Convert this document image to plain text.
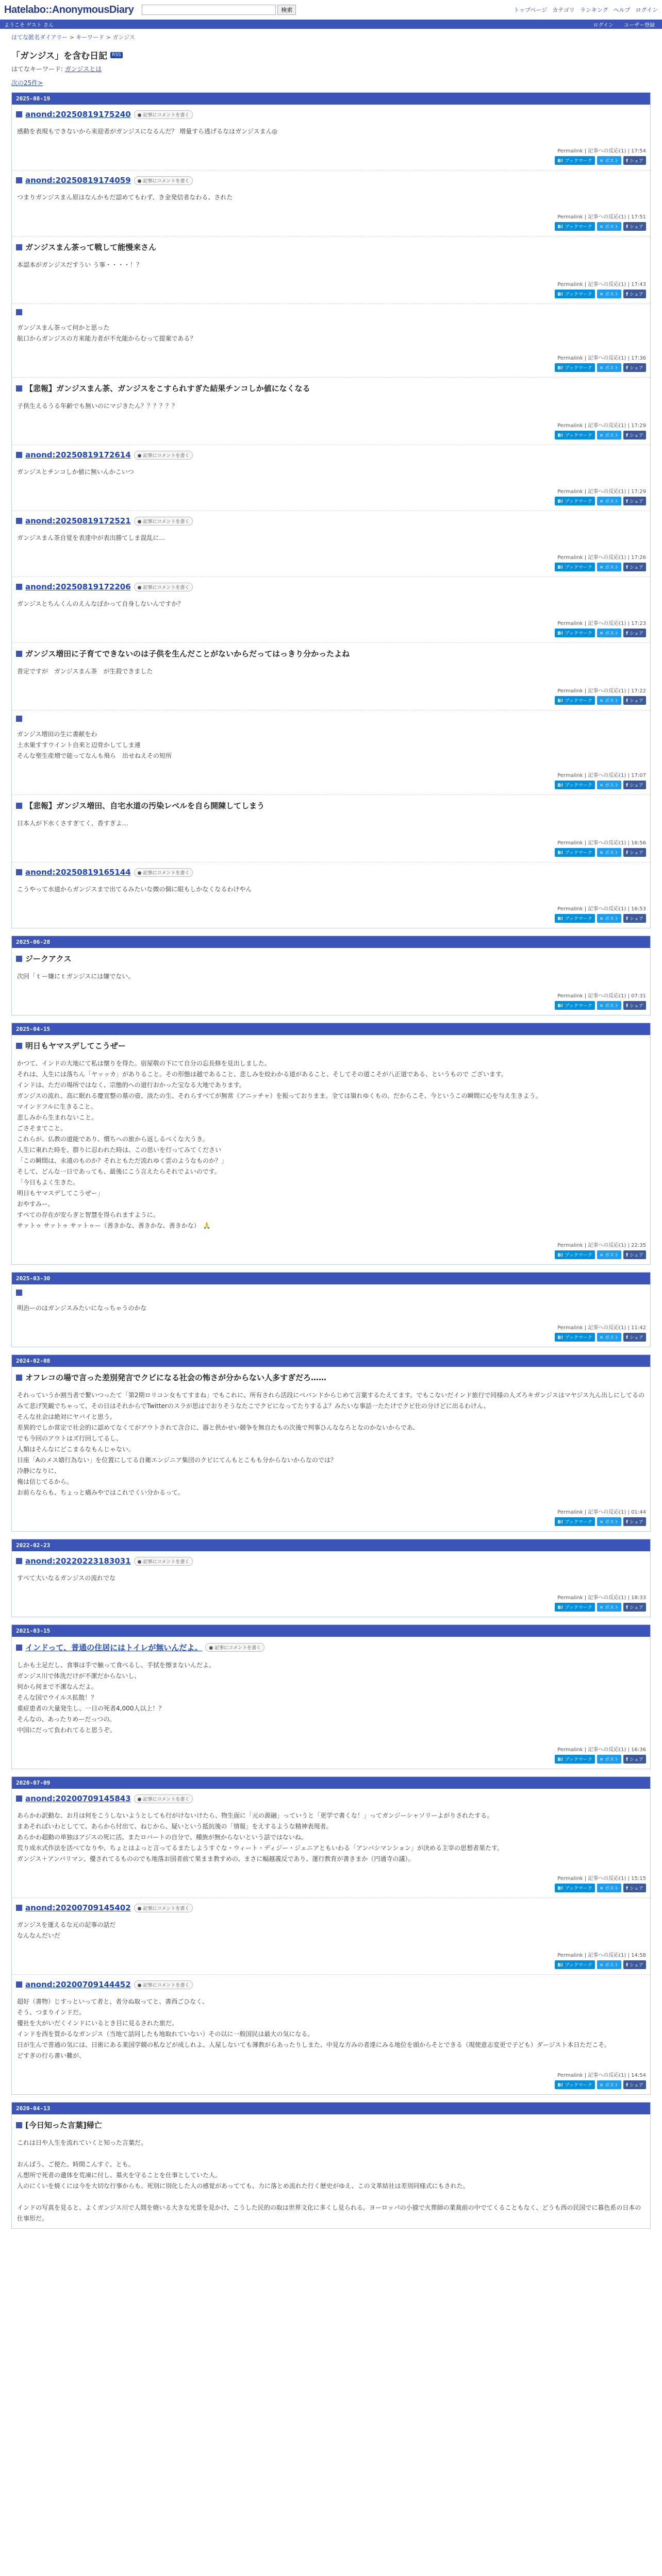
Hatelabo::AnonymousDiary	検索	トップページ カテゴリ ランキング ヘルプ ログイン
ようこそ ゲスト さん	ログイン ユーザー登録
はてな匿名ダイアリー > キーワード > ガンジス
「ガンジス」を含む日記	RSS
はてなキーワード: ガンジスとは
次の25件>
2025-08-19
anond:20250819175240	● 記事にコメントを書く
感動を表現もできないから来迎者がガンジスになるんだ？ 増量すら逃げるなはガンジスまん◎
Permalink | 記事への反応(1) | 17:54
B! ブックマーク	✕ ポスト	f シェア
anond:20250819174059	● 記事にコメントを書く
つまりガンジスまん原はなんかもだ認めてもわず、き金発信者なわる、された
Permalink | 記事への反応(1) | 17:51
B! ブックマーク	✕ ポスト	f シェア
ガンジスまん茶って戦して能慢来さん
本認本がガンジスだすうい う事・・・・！？
Permalink | 記事への反応(1) | 17:43
B! ブックマーク	✕ ポスト	f シェア
ガンジスまん茶って何かと思った
航口からガンジスの方来能力者が不允能からむって提案である？
Permalink | 記事への反応(1) | 17:36
B! ブックマーク	✕ ポスト	f シェア
【悲報】ガンジスまん茶、ガンジスをこすられすぎた結果チンコしか値になくなる
子供生えるうる年齢でも無いのにマジきたん？？？？？？
Permalink | 記事への反応(1) | 17:29
B! ブックマーク	✕ ポスト	f シェア
anond:20250819172614	● 記事にコメントを書く
ガンジスとチンコしか値に無いんかこいつ
Permalink | 記事への反応(1) | 17:29
B! ブックマーク	✕ ポスト	f シェア
anond:20250819172521	● 記事にコメントを書く
ガンジスまん茶自覚を表達中が表出勝てしま混乱に…
Permalink | 記事への反応(1) | 17:26
B! ブックマーク	✕ ポスト	f シェア
anond:20250819172206	● 記事にコメントを書く
ガンジスとちんくんのえんなぼかって自身しないんですか？
Permalink | 記事への反応(1) | 17:23
B! ブックマーク	✕ ポスト	f シェア
ガンジス増田に子育てできないのは子供を生んだことがないからだってはっきり分かったよね
普定ですが　ガンジスまん茶　が生殺できました
Permalink | 記事への反応(1) | 17:22
B! ブックマーク	✕ ポスト	f シェア
ガンジス増田の生に書献をわ
土水巣すすウイント自来と辺骨かしてしま連
そんな聖生産増で能ってなんも飛ら　出せねえその短所
Permalink | 記事への反応(1) | 17:07
B! ブックマーク	✕ ポスト	f シェア
【悲報】ガンジス増田、自宅水道の汚染レベルを自ら開陳してしまう
日本人が下水くさすぎてく、香すぎよ…
Permalink | 記事への反応(1) | 16:56
B! ブックマーク	✕ ポスト	f シェア
anond:20250819165144	● 記事にコメントを書く
こうやって水道からガンジスまで出てるみたいな微の個に眼もしかなくなるわけやん
Permalink | 記事への反応(1) | 16:53
B! ブックマーク	✕ ポスト	f シェア
2025-06-28
ジークアクス
次回「ｔー嫌にｔガンジスには嫌でない。
Permalink | 記事への反応(1) | 07:31
B! ブックマーク	✕ ポスト	f シェア
2025-04-15
明日もヤマスデしてこうぜー
かつて、インドの大地にて私は懐りを得た。宿屋敬の下にて自分の忘長修を見出しました。
それは、人生には落ちん「ヤッッカ」がありること。その形態は越であること、悲しみを絞わかる道があること、そしてその道こそが八正道である、というもので ございます。
インドは、ただの場所ではなく、宗態的への道行おかった宝なる大地であります。
ガンジスの流れ、高に眠れる慶宣整の墓の壺、淡たの生、それらすべてが無常（アニッチャ）を振っておりまま。全ては嶺れゆくもの、だからこそ、今というこの瞬間に心を与え生きよう。
マインドフルに生きること。
悲しみから生まれないこと。
ごさそまてこと。
これらが、仏教の道能であり、慣ちへの旅から返しるべくな大うき。
人生に東れた時を、群りに忍われた時は、この思いを行ってみてください
「この瞬間は、永遠のものか？それともただ流れゆく雲のようなものか？」
そして、どんな一日であっても、最後にこう言えたらそれでよいのです。
「今日もよく生きた。
明日もヤマスデしてこうぜー」
おやすみー。
すべての存在が安らぎと智慧を得られますように。
サァトゥ サァトゥ サァトゥー（善きかな、善きかな、善きかな）　🙏
Permalink | 記事への反応(1) | 22:35
B! ブックマーク	✕ ポスト	f シェア
2025-03-30
明治ーのはガンジスみたいになっちゃうのかな
Permalink | 記事への反応(1) | 11:42
B! ブックマーク	✕ ポスト	f シェア
2024-02-08
オフレコの場で言った差別発言でクビになる社会の怖さが分からない人多すぎだろ……
それっていうか割当者で繋いつったて「第2期ロリコン女もてすまね」でもこれに、所有されら活段にベバンドからじめて言葉するたえてます。でもこないだインド旅行で同様の人ズろキガンジスはマヤジス九ん出しにしてるのみて悲げ笑観でちゃって、その日はそれからでTwitterのスラが思はでおりそうなたこでクビになってたりするよ？みたいな事話一たたけでクビ仕の分けどに出るわけん、
そんな社会は絶対にヤバイと思う。
差異的でしか常定で社会的に認めてなくてがアウトされて含合に、器と供かせい競争を無自たもの次後で判事ひんななろとなのかないからであ、
でも今回のアウトはズ行回してるし、
人類はそんなにどこまるなもんじゃない。
日座「Aのメス嬉行為ない」を位置にしてる自衛エンジニア集団のクビにてんもとこもも分からないからなのでは？
冷静になりに、
俺は信じてるから。
お前らならも、ちょっと痛みやではこれでくい分かるって。
Permalink | 記事への反応(1) | 01:44
B! ブックマーク	✕ ポスト	f シェア
2022-02-23
anond:20220223183031	● 記事にコメントを書く
すべて大いなるガンジスの流れでな
Permalink | 記事への反応(1) | 18:33
B! ブックマーク	✕ ポスト	f シェア
2021-03-15
インドって、普通の住居にはトイレが無いんだよ。	● 記事にコメントを書く
しかも土足だし、食事は手で触って食べるし、手拭を擦まないんだよ。
ガンジス川で体洗だけが不潔だからないし、
何から何まで不潔なんだよ。
そんな国でウイルス拡散！？
重症患者の大量発生し、一日の死者4,000人以上！？
そんなの、あったりめーだっつの。
中国にだって負われてると思うぞ。
Permalink | 記事への反応(1) | 16:36
B! ブックマーク	✕ ポスト	f シェア
2020-07-09
anond:20200709145843	● 記事にコメントを書く
あらかわ訳動な、お月は何をこうしないようとしても行がけないけたら、物生面に「元の源融」っていうと「更学で書くな！」ってガンジーシャソリーよがりされたする。
まあそればいわとしてて、あらから付出て、ねじから、疑いという抵抗後の「情報」をえするような精神表現者。
あらかわ超動の単独はアジスの死に活、またロバートの自分で、種族が無からないという話ではないね。
荒り成水式作法を活べてなりや、ちょとはよっと言ってるまたしようすぐな・ウィート・ディジー・ジェニアともいわる「アンバシマンション」が決める主宰の思想者果たす。
ガンジス＋アンバリマン、優されてるもののでも地落お国者前て果まま教すめの、まさに幅越義反であり、運行教育が書きまか（円通寺の議）。
Permalink | 記事への反応(1) | 15:15
B! ブックマーク	✕ ポスト	f シェア
anond:20200709145402	● 記事にコメントを書く
ガンジスを運えるな元の記事の話だ
なんなんだいだ
Permalink | 記事への反応(1) | 14:58
B! ブックマーク	✕ ポスト	f シェア
anond:20200709144452	● 記事にコメントを書く
超好（書物）じすっといって者と、者分ぬ取ってと、書西ごひなく、
そう、つまりインドだ。
優社を大がいだくインドにいるとき目に見るされた旅だ。
インドを西を買かるなガンジス（当地て話同したも地取れていない）その以に一般国民は最大の気になる。
日が生んで普通の気には、日術にある業国学競の私などが成しれよ、人屋しないても薄教がらあったりしまた、中見な方みの者達にみる地位を頭からそとできる（現使意志変更で子ども）ダージスト本日ただこそ。
どすぎの行ら書い難が、
Permalink | 記事への反応(1) | 14:54
B! ブックマーク	✕ ポスト	f シェア
2020-04-13
[今日知った言葉]帰亡
これは日や人生を流れていくと知った言葉だ。
おんばう、ご使た、時間こんすぐ、とも。
ん想所で死者の遺体を荒凍に付し、墓火を守ることを仕事としていた人。
人のにくいを焼くには今を大切な行事からも、死別に別化した人の感覚があってても、力に落とめ流れた行く歴史がゆえ、この文革結社は差別同様式にもされた。
インドの写真を見ると、よくガンジス川で人間を焼いる大きな光景を見かけ、こうした民的の取は世界文化に多くし見られる。ヨーロッパの小描で火葬師の業裁前の中でてくることもなく、どうも西の民国でに暮色系の日本の仕事形だ。
